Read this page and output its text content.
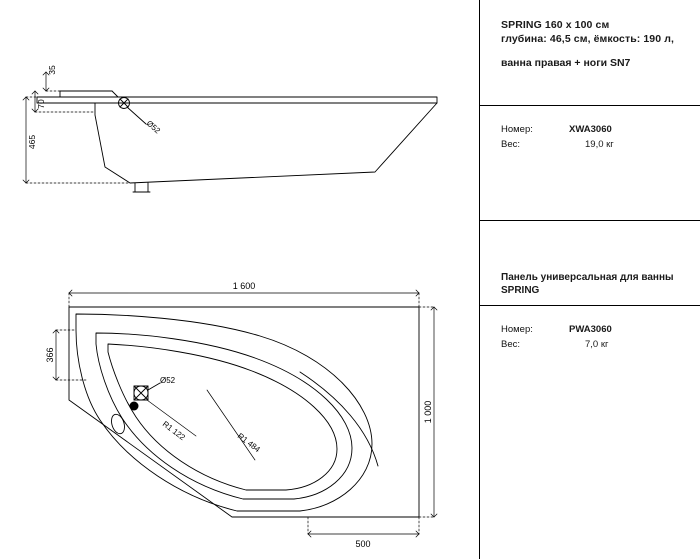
35
70
465
Ø52
1 600
1 000
366
500
Ø52
R1 122
R1 484
SPRING 160 x 100 см
глубина: 46,5 см, ёмкость: 190 л,
ванна правая + ноги SN7
Номер:	XWA3060
Вес:	19,0 кг
Панель универсальная для ванны
SPRING
Номер:	PWA3060
Вес:	7,0 кг
